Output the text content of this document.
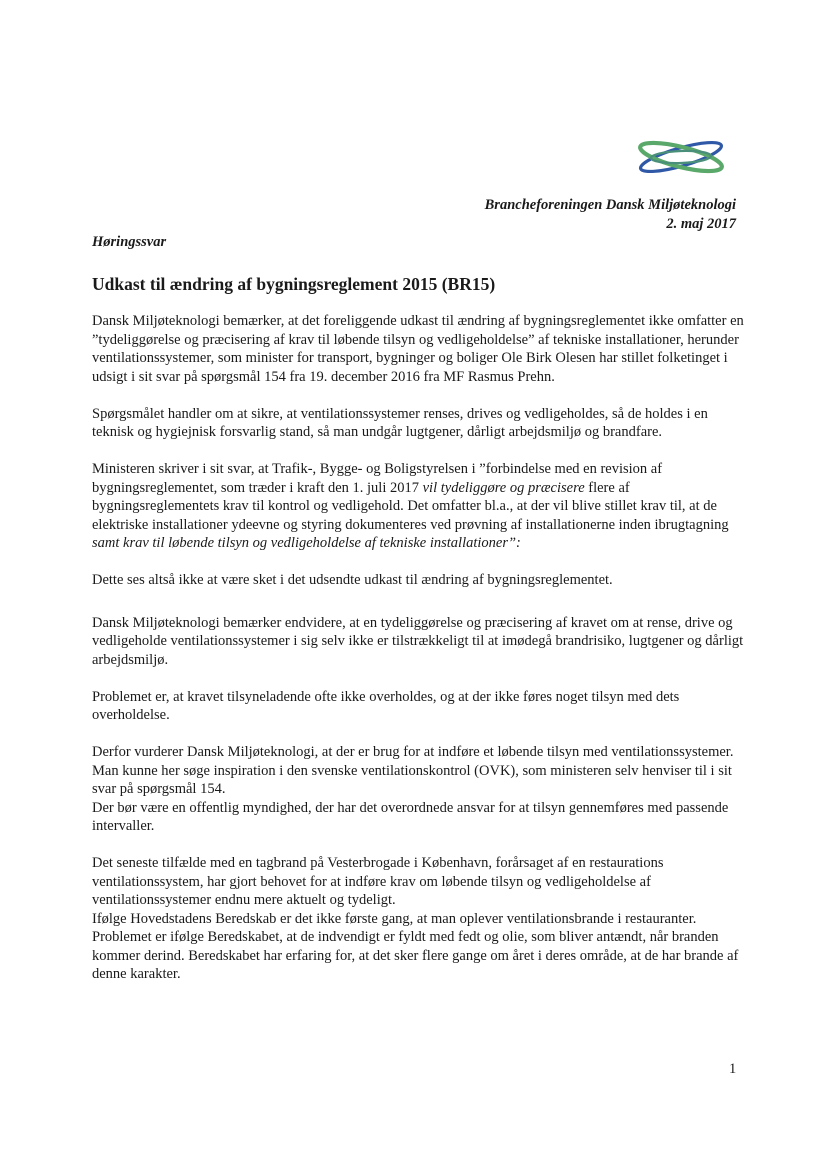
Brancheforeningen Dansk Miljøteknologi
2. maj 2017
Høringssvar
Udkast til ændring af bygningsreglement 2015 (BR15)

Dansk Miljøteknologi bemærker, at det foreliggende udkast til ændring af bygningsreglementet ikke omfatter en ”tydeliggørelse og præcisering af krav til løbende tilsyn og vedligeholdelse” af tekniske installationer, herunder ventilationssystemer, som minister for transport, bygninger og boliger Ole Birk Olesen har stillet folketinget i udsigt i sit svar på spørgsmål 154 fra 19. december 2016 fra MF Rasmus Prehn.

Spørgsmålet handler om at sikre, at ventilationssystemer renses, drives og vedligeholdes, så de holdes i en teknisk og hygiejnisk forsvarlig stand, så man undgår lugtgener, dårligt arbejdsmiljø og brandfare.

Ministeren skriver i sit svar, at Trafik-, Bygge- og Boligstyrelsen i ”forbindelse med en revision af bygningsreglementet, som træder i kraft den 1. juli 2017 vil tydeliggøre og præcisere flere af bygningsreglementets krav til kontrol og vedligehold. Det omfatter bl.a., at der vil blive stillet krav til, at de elektriske installationer ydeevne og styring dokumenteres ved prøvning af installationerne inden ibrugtagning samt krav til løbende tilsyn og vedligeholdelse af tekniske installationer”:

Dette ses altså ikke at være sket i det udsendte udkast til ændring af bygningsreglementet.

Dansk Miljøteknologi bemærker endvidere, at en tydeliggørelse og præcisering af kravet om at rense, drive og vedligeholde ventilationssystemer i sig selv ikke er tilstrækkeligt til at imødegå brandrisiko, lugtgener og dårligt arbejdsmiljø.

Problemet er, at kravet tilsyneladende ofte ikke overholdes, og at der ikke føres noget tilsyn med dets overholdelse.

Derfor vurderer Dansk Miljøteknologi, at der er brug for at indføre et løbende tilsyn med ventilationssystemer. Man kunne her søge inspiration i den svenske ventilationskontrol (OVK), som ministeren selv henviser til i sit svar på spørgsmål 154.

Der bør være en offentlig myndighed, der har det overordnede ansvar for at tilsyn gennemføres med passende intervaller.

Det seneste tilfælde med en tagbrand på Vesterbrogade i København, forårsaget af en restaurations ventilationssystem, har gjort behovet for at indføre krav om løbende tilsyn og vedligeholdelse af ventilationssystemer endnu mere aktuelt og tydeligt.

Ifølge Hovedstadens Beredskab er det ikke første gang, at man oplever ventilationsbrande i restauranter. Problemet er ifølge Beredskabet, at de indvendigt er fyldt med fedt og olie, som bliver antændt, når branden kommer derind. Beredskabet har erfaring for, at det sker flere gange om året i deres område, at de har brande af denne karakter.

1
